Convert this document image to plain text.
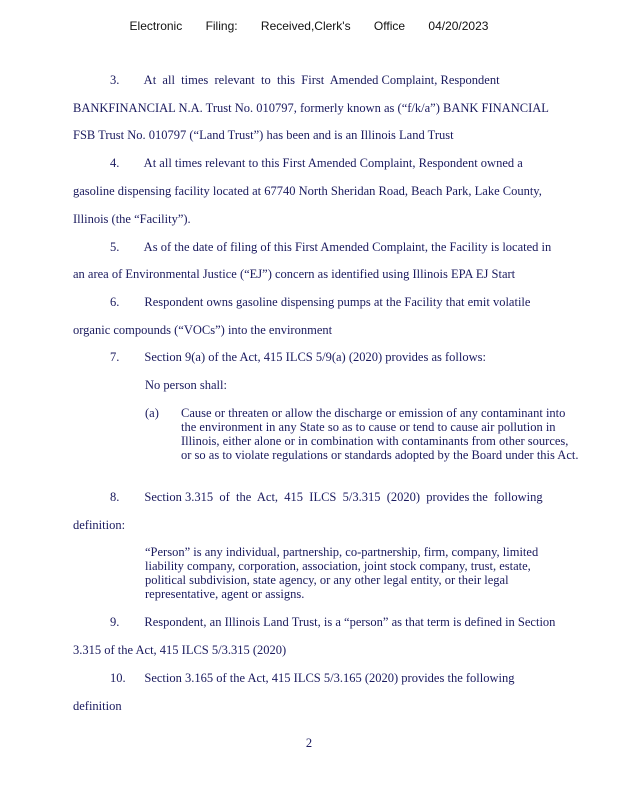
Electronic Filing: Received,Clerk's Office 04/20/2023
3.        At  all  times  relevant  to  this  First  Amended Complaint, Respondent
BANKFINANCIAL N.A. Trust No. 010797, formerly known as (“f/k/a”) BANK FINANCIAL
FSB Trust No. 010797 (“Land Trust”) has been and is an Illinois Land Trust
4.        At all times relevant to this First Amended Complaint, Respondent owned a
gasoline dispensing facility located at 67740 North Sheridan Road, Beach Park, Lake County,
Illinois (the “Facility”).
5.        As of the date of filing of this First Amended Complaint, the Facility is located in
an area of Environmental Justice (“EJ”) concern as identified using Illinois EPA EJ Start
6.        Respondent owns gasoline dispensing pumps at the Facility that emit volatile
organic compounds (“VOCs”) into the environment
7.        Section 9(a) of the Act, 415 ILCS 5/9(a) (2020) provides as follows:
No person shall:
(a) Cause or threaten or allow the discharge or emission of any contaminant into the environment in any State so as to cause or tend to cause air pollution in Illinois, either alone or in combination with contaminants from other sources, or so as to violate regulations or standards adopted by the Board under this Act.
8.        Section 3.315  of  the  Act,  415  ILCS  5/3.315  (2020)  provides the  following
definition:
“Person” is any individual, partnership, co-partnership, firm, company, limited liability company, corporation, association, joint stock company, trust, estate, political subdivision, state agency, or any other legal entity, or their legal representative, agent or assigns.
9.        Respondent, an Illinois Land Trust, is a “person” as that term is defined in Section
3.315 of the Act, 415 ILCS 5/3.315 (2020)
10.      Section 3.165 of the Act, 415 ILCS 5/3.165 (2020) provides the following
definition
2
